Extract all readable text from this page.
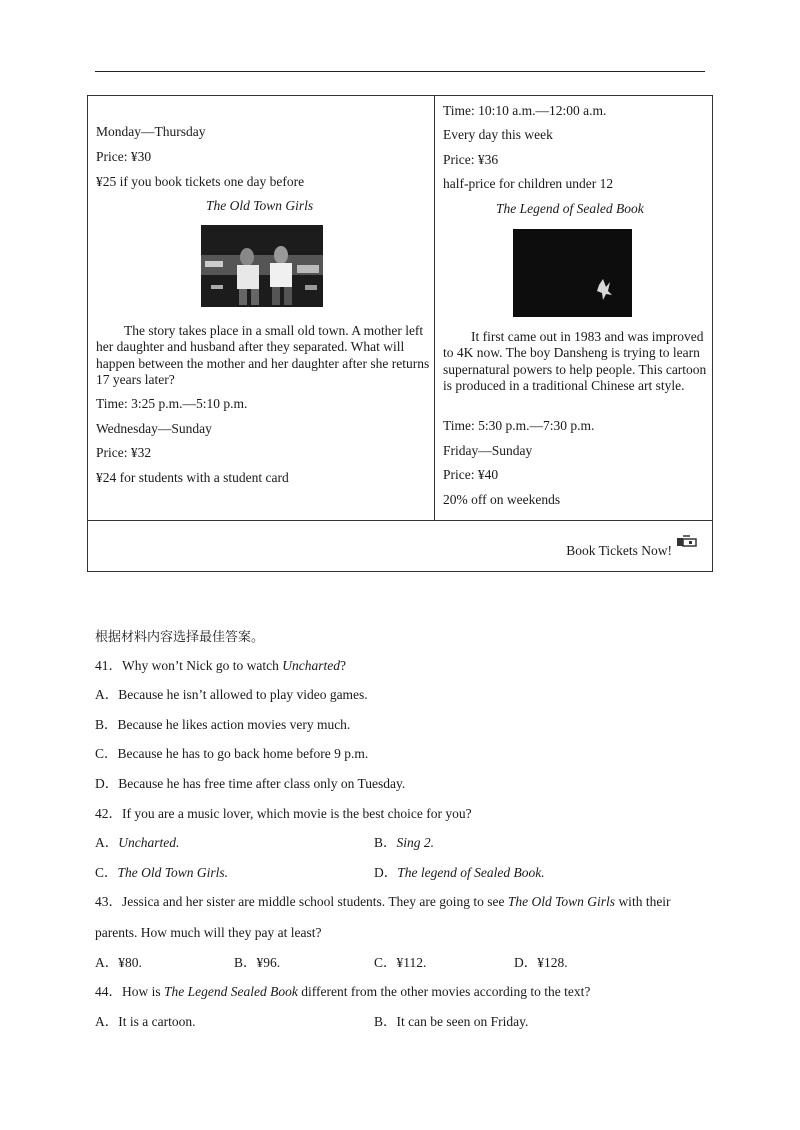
Monday—Thursday
Price: ¥30
¥25 if you book tickets one day before
The Old Town Girls
The story takes place in a small old town. A mother left her daughter and husband after they separated. What will happen between the mother and her daughter after she returns 17 years later?
Time: 3:25 p.m.—5:10 p.m.
Wednesday—Sunday
Price: ¥32
¥24 for students with a student card
Time: 10:10 a.m.—12:00 a.m.
Every day this week
Price: ¥36
half-price for children under 12
The Legend of Sealed Book
It first came out in 1983 and was improved to 4K now. The boy Dansheng is trying to learn supernatural powers to help people. This cartoon is produced in a traditional Chinese art style.
Time: 5:30 p.m.—7:30 p.m.
Friday—Sunday
Price: ¥40
20% off on weekends
Book Tickets Now!
根据材料内容选择最佳答案。
41．Why won’t Nick go to watch Uncharted?
A．Because he isn’t allowed to play video games.
B．Because he likes action movies very much.
C．Because he has to go back home before 9 p.m.
D．Because he has free time after class only on Tuesday.
42．If you are a music lover, which movie is the best choice for you?
A．Uncharted.	B．Sing 2.
C．The Old Town Girls.	D．The legend of Sealed Book.
43．Jessica and her sister are middle school students. They are going to see The Old Town Girls with their
parents. How much will they pay at least?
A．¥80.	B．¥96.	C．¥112.	D．¥128.
44．How is The Legend Sealed Book different from the other movies according to the text?
A．It is a cartoon.	B．It can be seen on Friday.
